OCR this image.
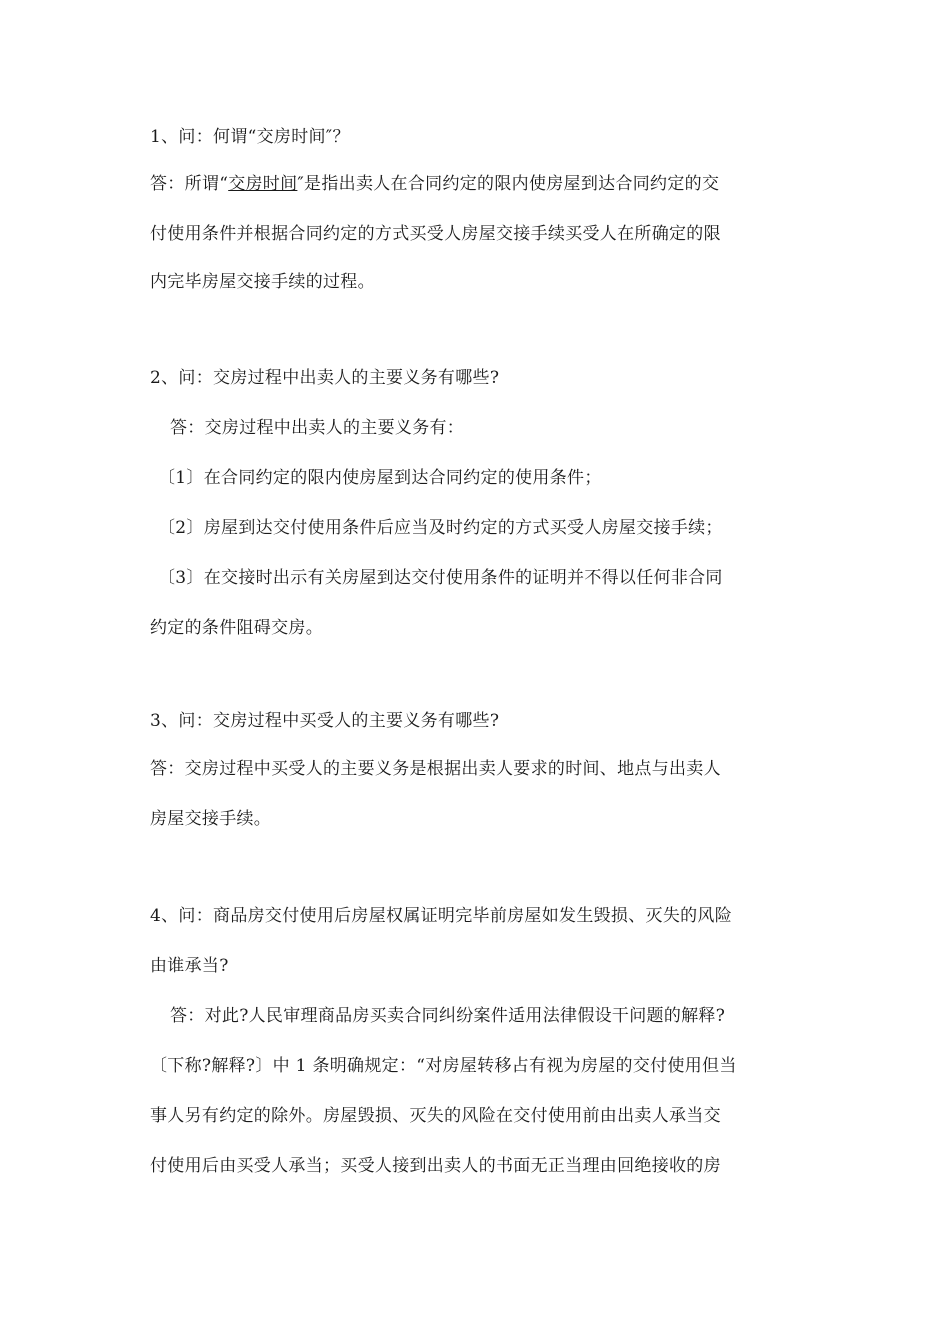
1、问：何谓“交房时间″？
答：所谓“交房时间″是指出卖人在合同约定的限内使房屋到达合同约定的交
付使用条件并根据合同约定的方式买受人房屋交接手续买受人在所确定的限
内完毕房屋交接手续的过程。
2、问：交房过程中出卖人的主要义务有哪些?
答：交房过程中出卖人的主要义务有：
〔1〕在合同约定的限内使房屋到达合同约定的使用条件；
〔2〕房屋到达交付使用条件后应当及时约定的方式买受人房屋交接手续；
〔3〕在交接时出示有关房屋到达交付使用条件的证明并不得以任何非合同
约定的条件阻碍交房。
3、问：交房过程中买受人的主要义务有哪些?
答：交房过程中买受人的主要义务是根据出卖人要求的时间、地点与出卖人
房屋交接手续。
4、问：商品房交付使用后房屋权属证明完毕前房屋如发生毁损、灭失的风险
由谁承当?
答：对此?人民审理商品房买卖合同纠纷案件适用法律假设干问题的解释?
〔下称?解释?〕中 1 条明确规定：“对房屋转移占有视为房屋的交付使用但当
事人另有约定的除外。房屋毁损、灭失的风险在交付使用前由出卖人承当交
付使用后由买受人承当；买受人接到出卖人的书面无正当理由回绝接收的房
